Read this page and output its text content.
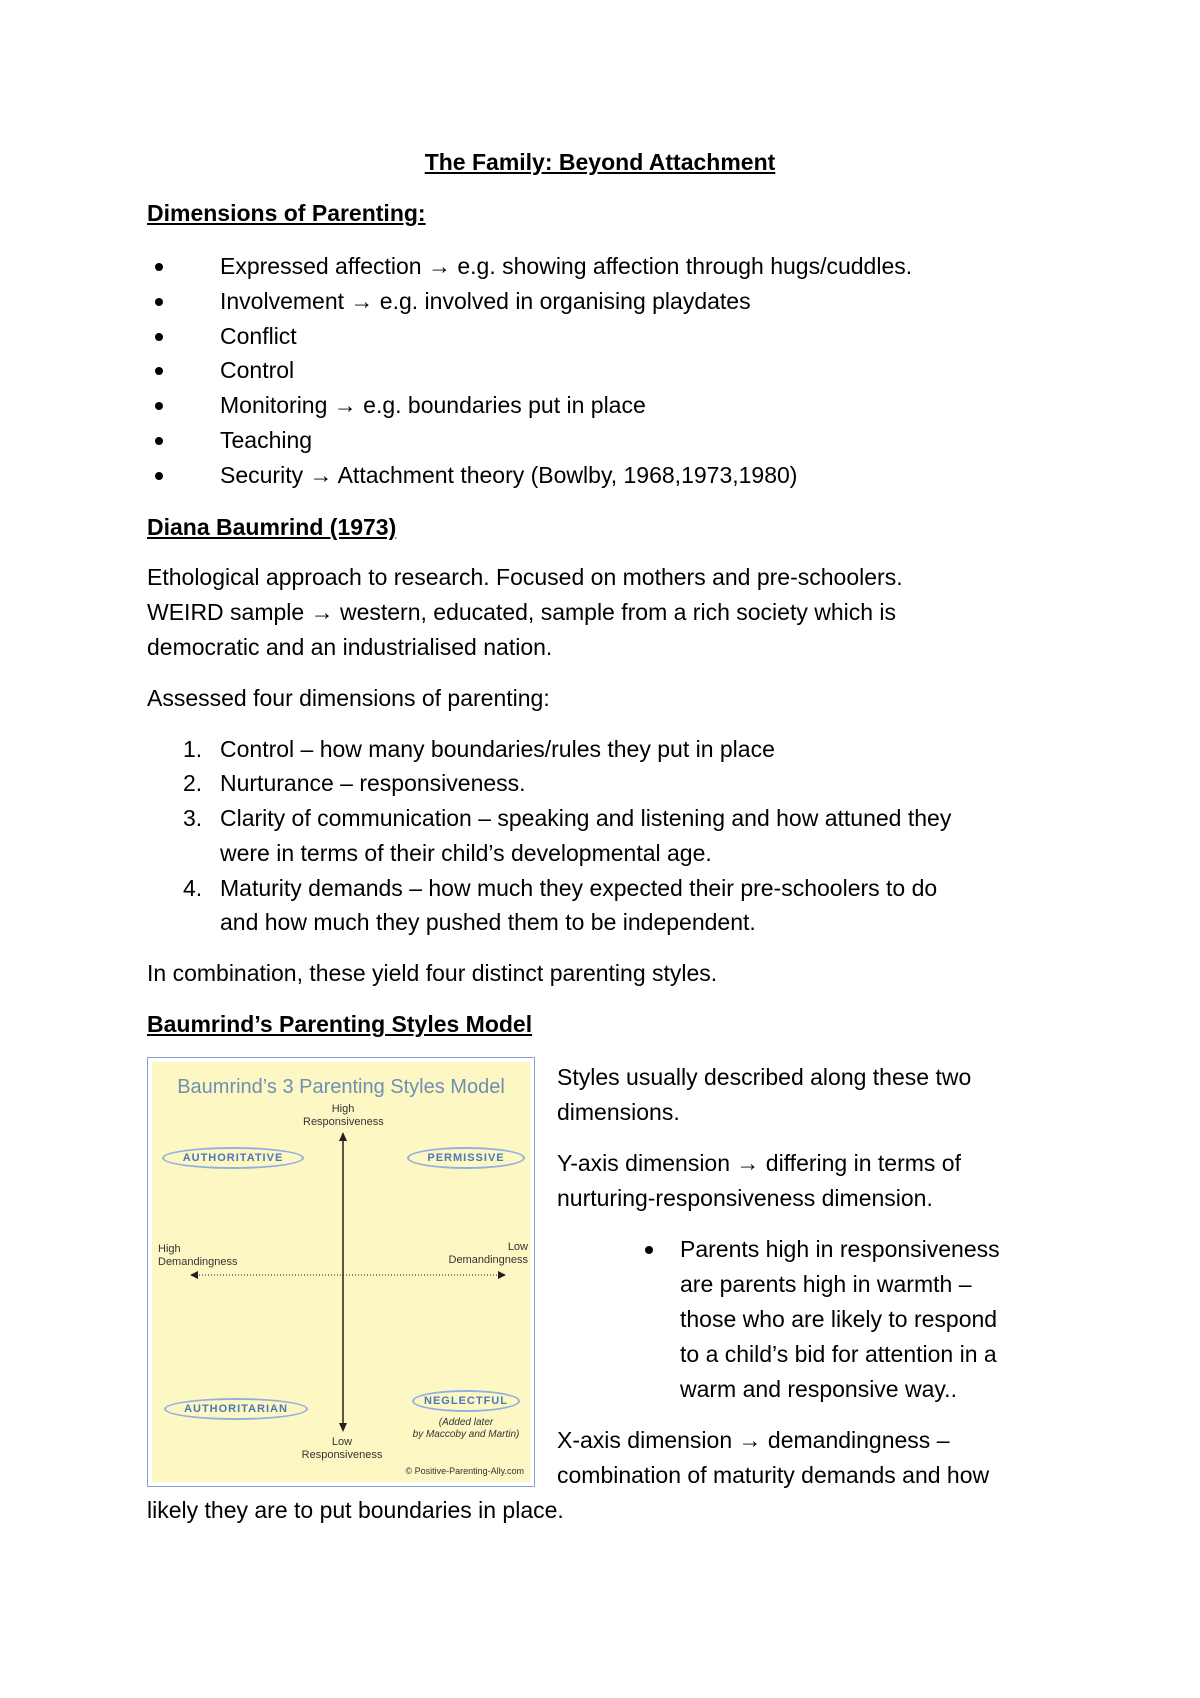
The Family: Beyond Attachment

Dimensions of Parenting:

Expressed affection → e.g. showing affection through hugs/cuddles.

Involvement → e.g. involved in organising playdates

Conflict

Control

Monitoring → e.g. boundaries put in place

Teaching

Security → Attachment theory (Bowlby, 1968,1973,1980)

Diana Baumrind (1973)

Ethological approach to research. Focused on mothers and pre-schoolers.

WEIRD sample → western, educated, sample from a rich society which is

democratic and an industrialised nation.

Assessed four dimensions of parenting:

1. Control – how many boundaries/rules they put in place

2. Nurturance – responsiveness.

3. Clarity of communication – speaking and listening and how attuned they

were in terms of their child’s developmental age.

4. Maturity demands – how much they expected their pre-schoolers to do

and how much they pushed them to be independent.

In combination, these yield four distinct parenting styles.

Baumrind’s Parenting Styles Model

Baumrind’s 3 Parenting Styles Model
High
Responsiveness
Low
Responsiveness
High
Demandingness
Low
Demandingness
AUTHORITATIVE	PERMISSIVE
AUTHORITARIAN
NEGLECTFUL
(Added later
by Maccoby and Martin)
© Positive-Parenting-Ally.com

Styles usually described along these two

dimensions.

Y-axis dimension → differing in terms of

nurturing-responsiveness dimension.

Parents high in responsiveness

are parents high in warmth –

those who are likely to respond

to a child’s bid for attention in a

warm and responsive way..

X-axis dimension → demandingness –

combination of maturity demands and how

likely they are to put boundaries in place.
